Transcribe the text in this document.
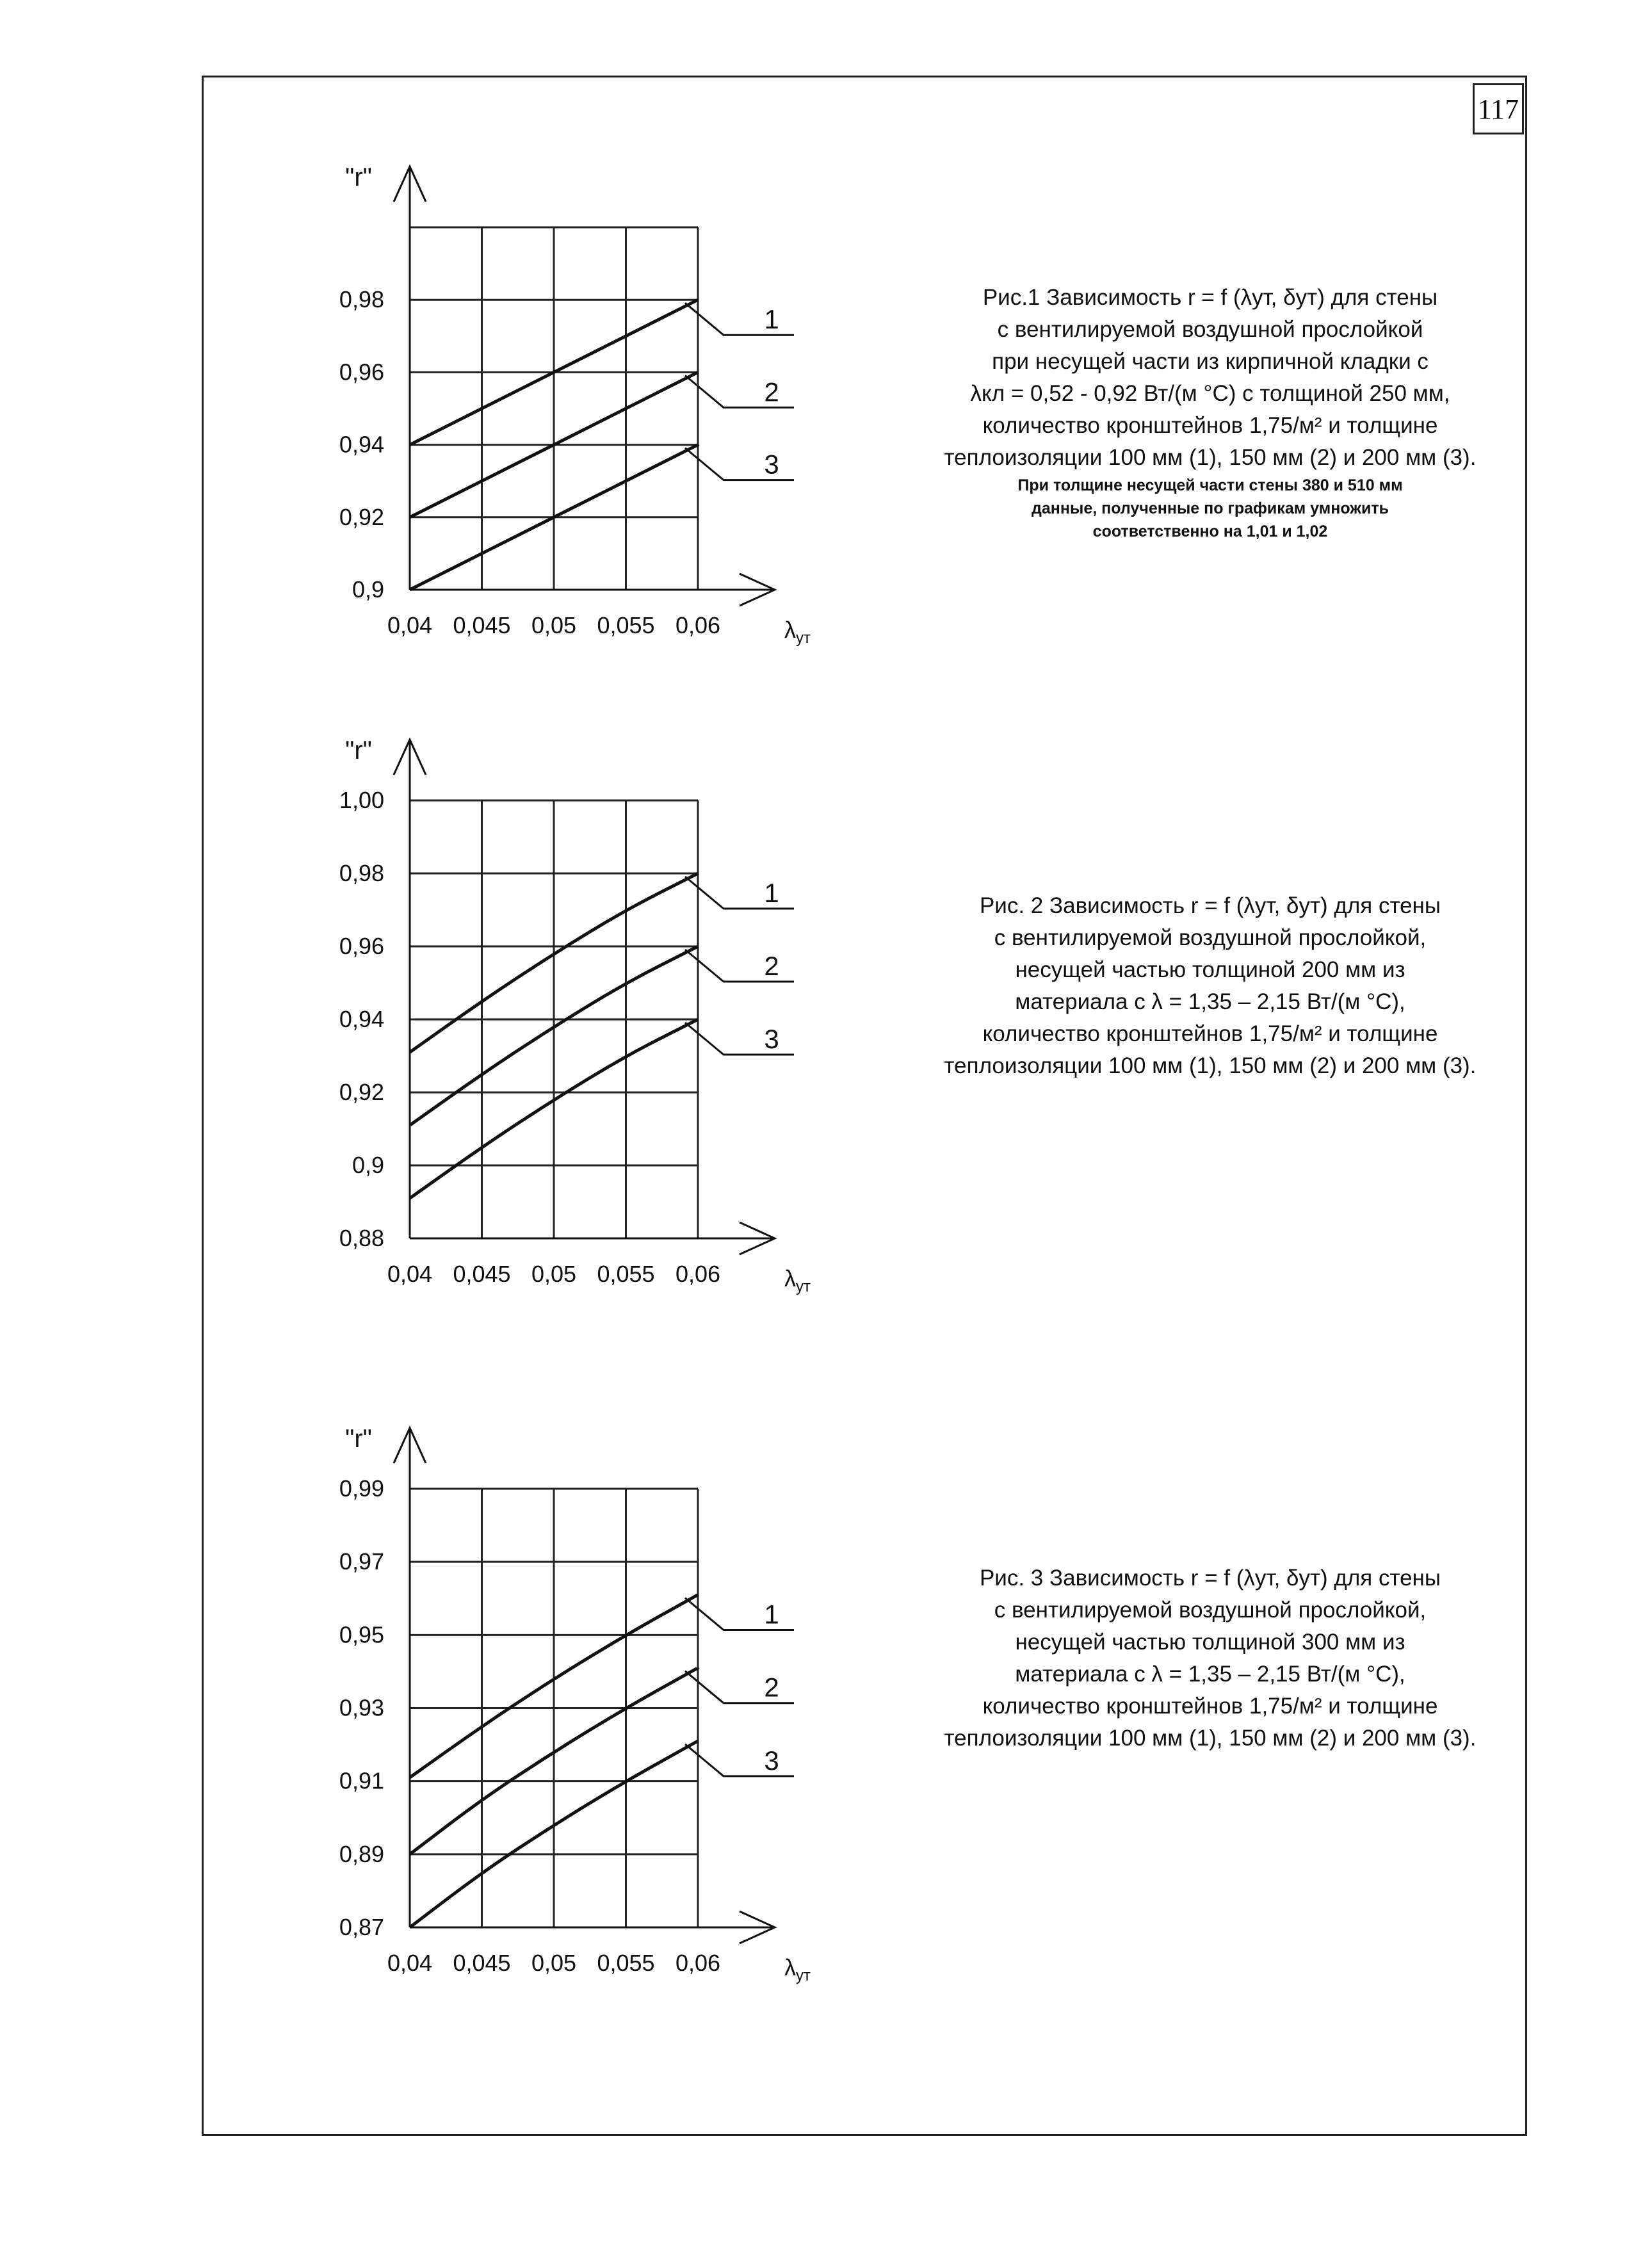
117
"r"
0,9
0,92
0,94
0,96
0,98
0,04 0,045 0,05 0,055 0,06	$\lambda_{ут}$
1
2
3
"r"
0,88
0,9
0,92
0,94
0,96
0,98
1,00
0,04 0,045 0,05 0,055 0,06	$\lambda_{ут}$
1
2
3
"r"
0,87
0,89
0,91
0,93
0,95
0,97
0,99
0,04 0,045 0,05 0,055 0,06	$\lambda_{ут}$
1
2
3
Рис.1 Зависимость r = f (λут, δут) для стены
с вентилируемой воздушной прослойкой
при несущей части из кирпичной кладки с
λкл = 0,52 - 0,92 Вт/(м °С) с толщиной 250 мм,
количество кронштейнов 1,75/м² и толщине
теплоизоляции 100 мм (1), 150 мм (2) и 200 мм (3).
При толщине несущей части стены 380 и 510 мм
данные, полученные по графикам умножить
соответственно на 1,01 и 1,02
Рис. 2 Зависимость r = f (λут, δут) для стены
с вентилируемой воздушной прослойкой,
несущей частью толщиной 200 мм из
материала с λ = 1,35 – 2,15 Вт/(м °С),
количество кронштейнов 1,75/м² и толщине
теплоизоляции 100 мм (1), 150 мм (2) и 200 мм (3).
Рис. 3 Зависимость r = f (λут, δут) для стены
с вентилируемой воздушной прослойкой,
несущей частью толщиной 300 мм из
материала с λ = 1,35 – 2,15 Вт/(м °С),
количество кронштейнов 1,75/м² и толщине
теплоизоляции 100 мм (1), 150 мм (2) и 200 мм (3).
